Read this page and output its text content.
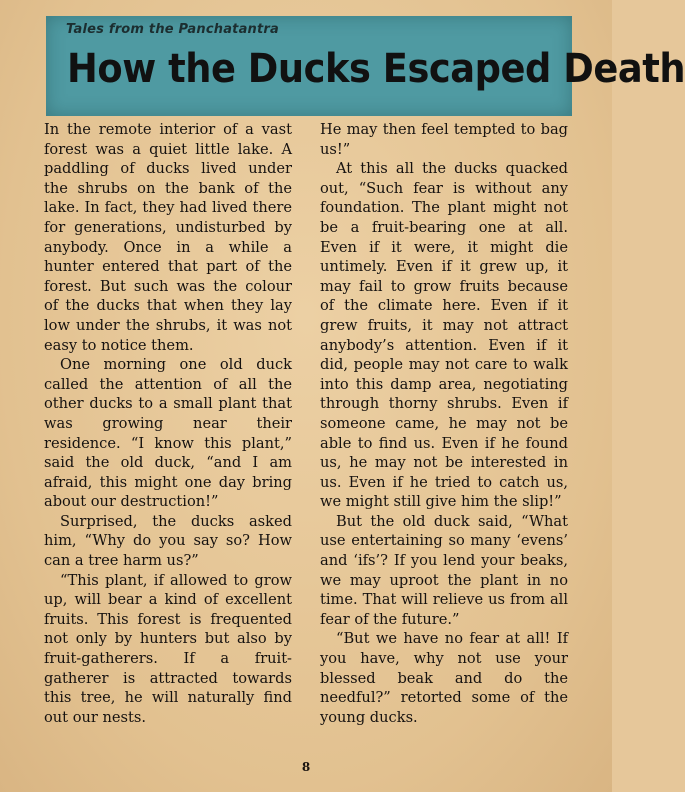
Tales from the Panchatantra
How the Ducks Escaped Death

In the remote interior of a vast forest was a quiet little lake. A paddling of ducks lived under the shrubs on the bank of the lake. In fact, they had lived there for generations, undisturbed by anybody. Once in a while a hunter entered that part of the forest. But such was the colour of the ducks that when they lay low under the shrubs, it was not easy to notice them.

One morning one old duck called the attention of all the other ducks to a small plant that was growing near their residence. “I know this plant,” said the old duck, “and I am afraid, this might one day bring about our destruction!”

Surprised, the ducks asked him, “Why do you say so? How can a tree harm us?”

“This plant, if allowed to grow up, will bear a kind of excellent fruits. This forest is frequented not only by hunters but also by fruit-gatherers. If a fruit-gatherer is attracted towards this tree, he will naturally find out our nests.

He may then feel tempted to bag us!”

At this all the ducks quacked out, “Such fear is without any foundation. The plant might not be a fruit-bearing one at all. Even if it were, it might die untimely. Even if it grew up, it may fail to grow fruits because of the climate here. Even if it grew fruits, it may not attract anybody’s attention. Even if it did, people may not care to walk into this damp area, negotiating through thorny shrubs. Even if someone came, he may not be able to find us. Even if he found us, he may not be interested in us. Even if he tried to catch us, we might still give him the slip!”

But the old duck said, “What use entertaining so many ‘evens’ and ‘ifs’? If you lend your beaks, we may uproot the plant in no time. That will relieve us from all fear of the future.”

“But we have no fear at all! If you have, why not use your blessed beak and do the needful?” retorted some of the young ducks.

8
